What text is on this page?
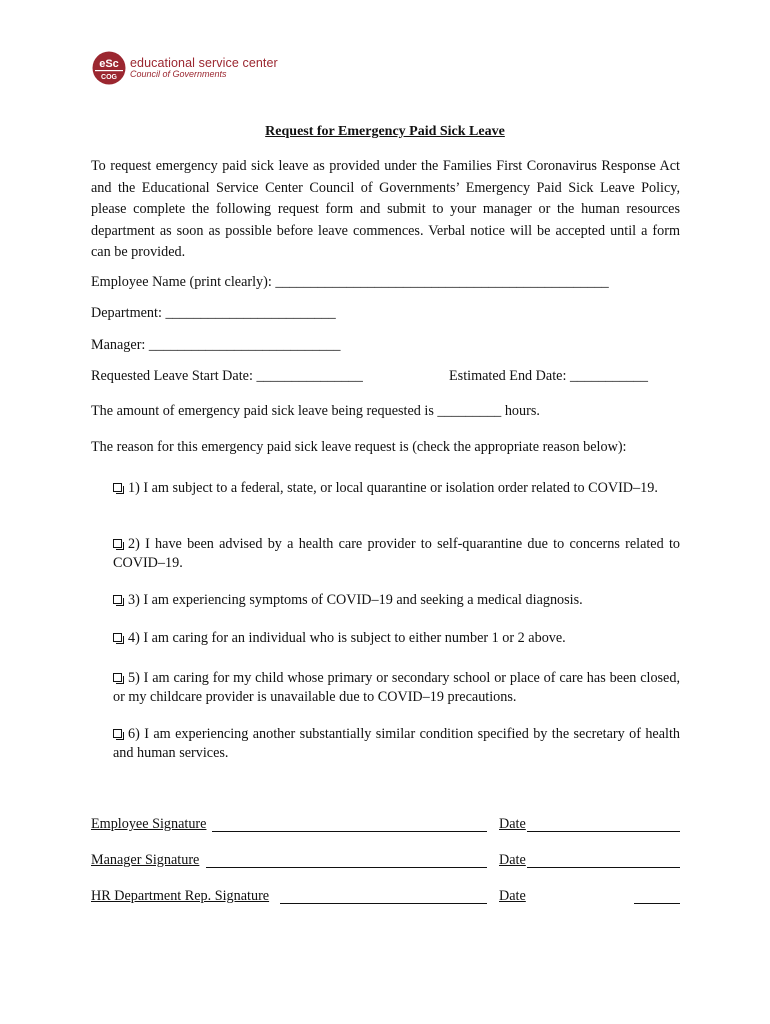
eSc
COG
educational service center
Council of Governments
Request for Emergency Paid Sick Leave
To request emergency paid sick leave as provided under the Families First Coronavirus Response Act and the Educational Service Center Council of Governments’ Emergency Paid Sick Leave Policy, please complete the following request form and submit to your manager or the human resources department as soon as possible before leave commences. Verbal notice will be accepted until a form can be provided.
Employee Name (print clearly): _______________________________________________
Department: ________________________
Manager: ___________________________
Requested Leave Start Date: _______________	Estimated End Date: ___________
The amount of emergency paid sick leave being requested is _________ hours.
The reason for this emergency paid sick leave request is (check the appropriate reason below):
1) I am subject to a federal, state, or local quarantine or isolation order related to COVID–19.
2) I have been advised by a health care provider to self-quarantine due to concerns related to COVID–19.
3) I am experiencing symptoms of COVID–19 and seeking a medical diagnosis.
4) I am caring for an individual who is subject to either number 1 or 2 above.
5) I am caring for my child whose primary or secondary school or place of care has been closed, or my childcare provider is unavailable due to COVID–19 precautions.
6) I am experiencing another substantially similar condition specified by the secretary of health and human services.
Employee Signature	Date
Manager Signature	Date
HR Department Rep. Signature	Date
